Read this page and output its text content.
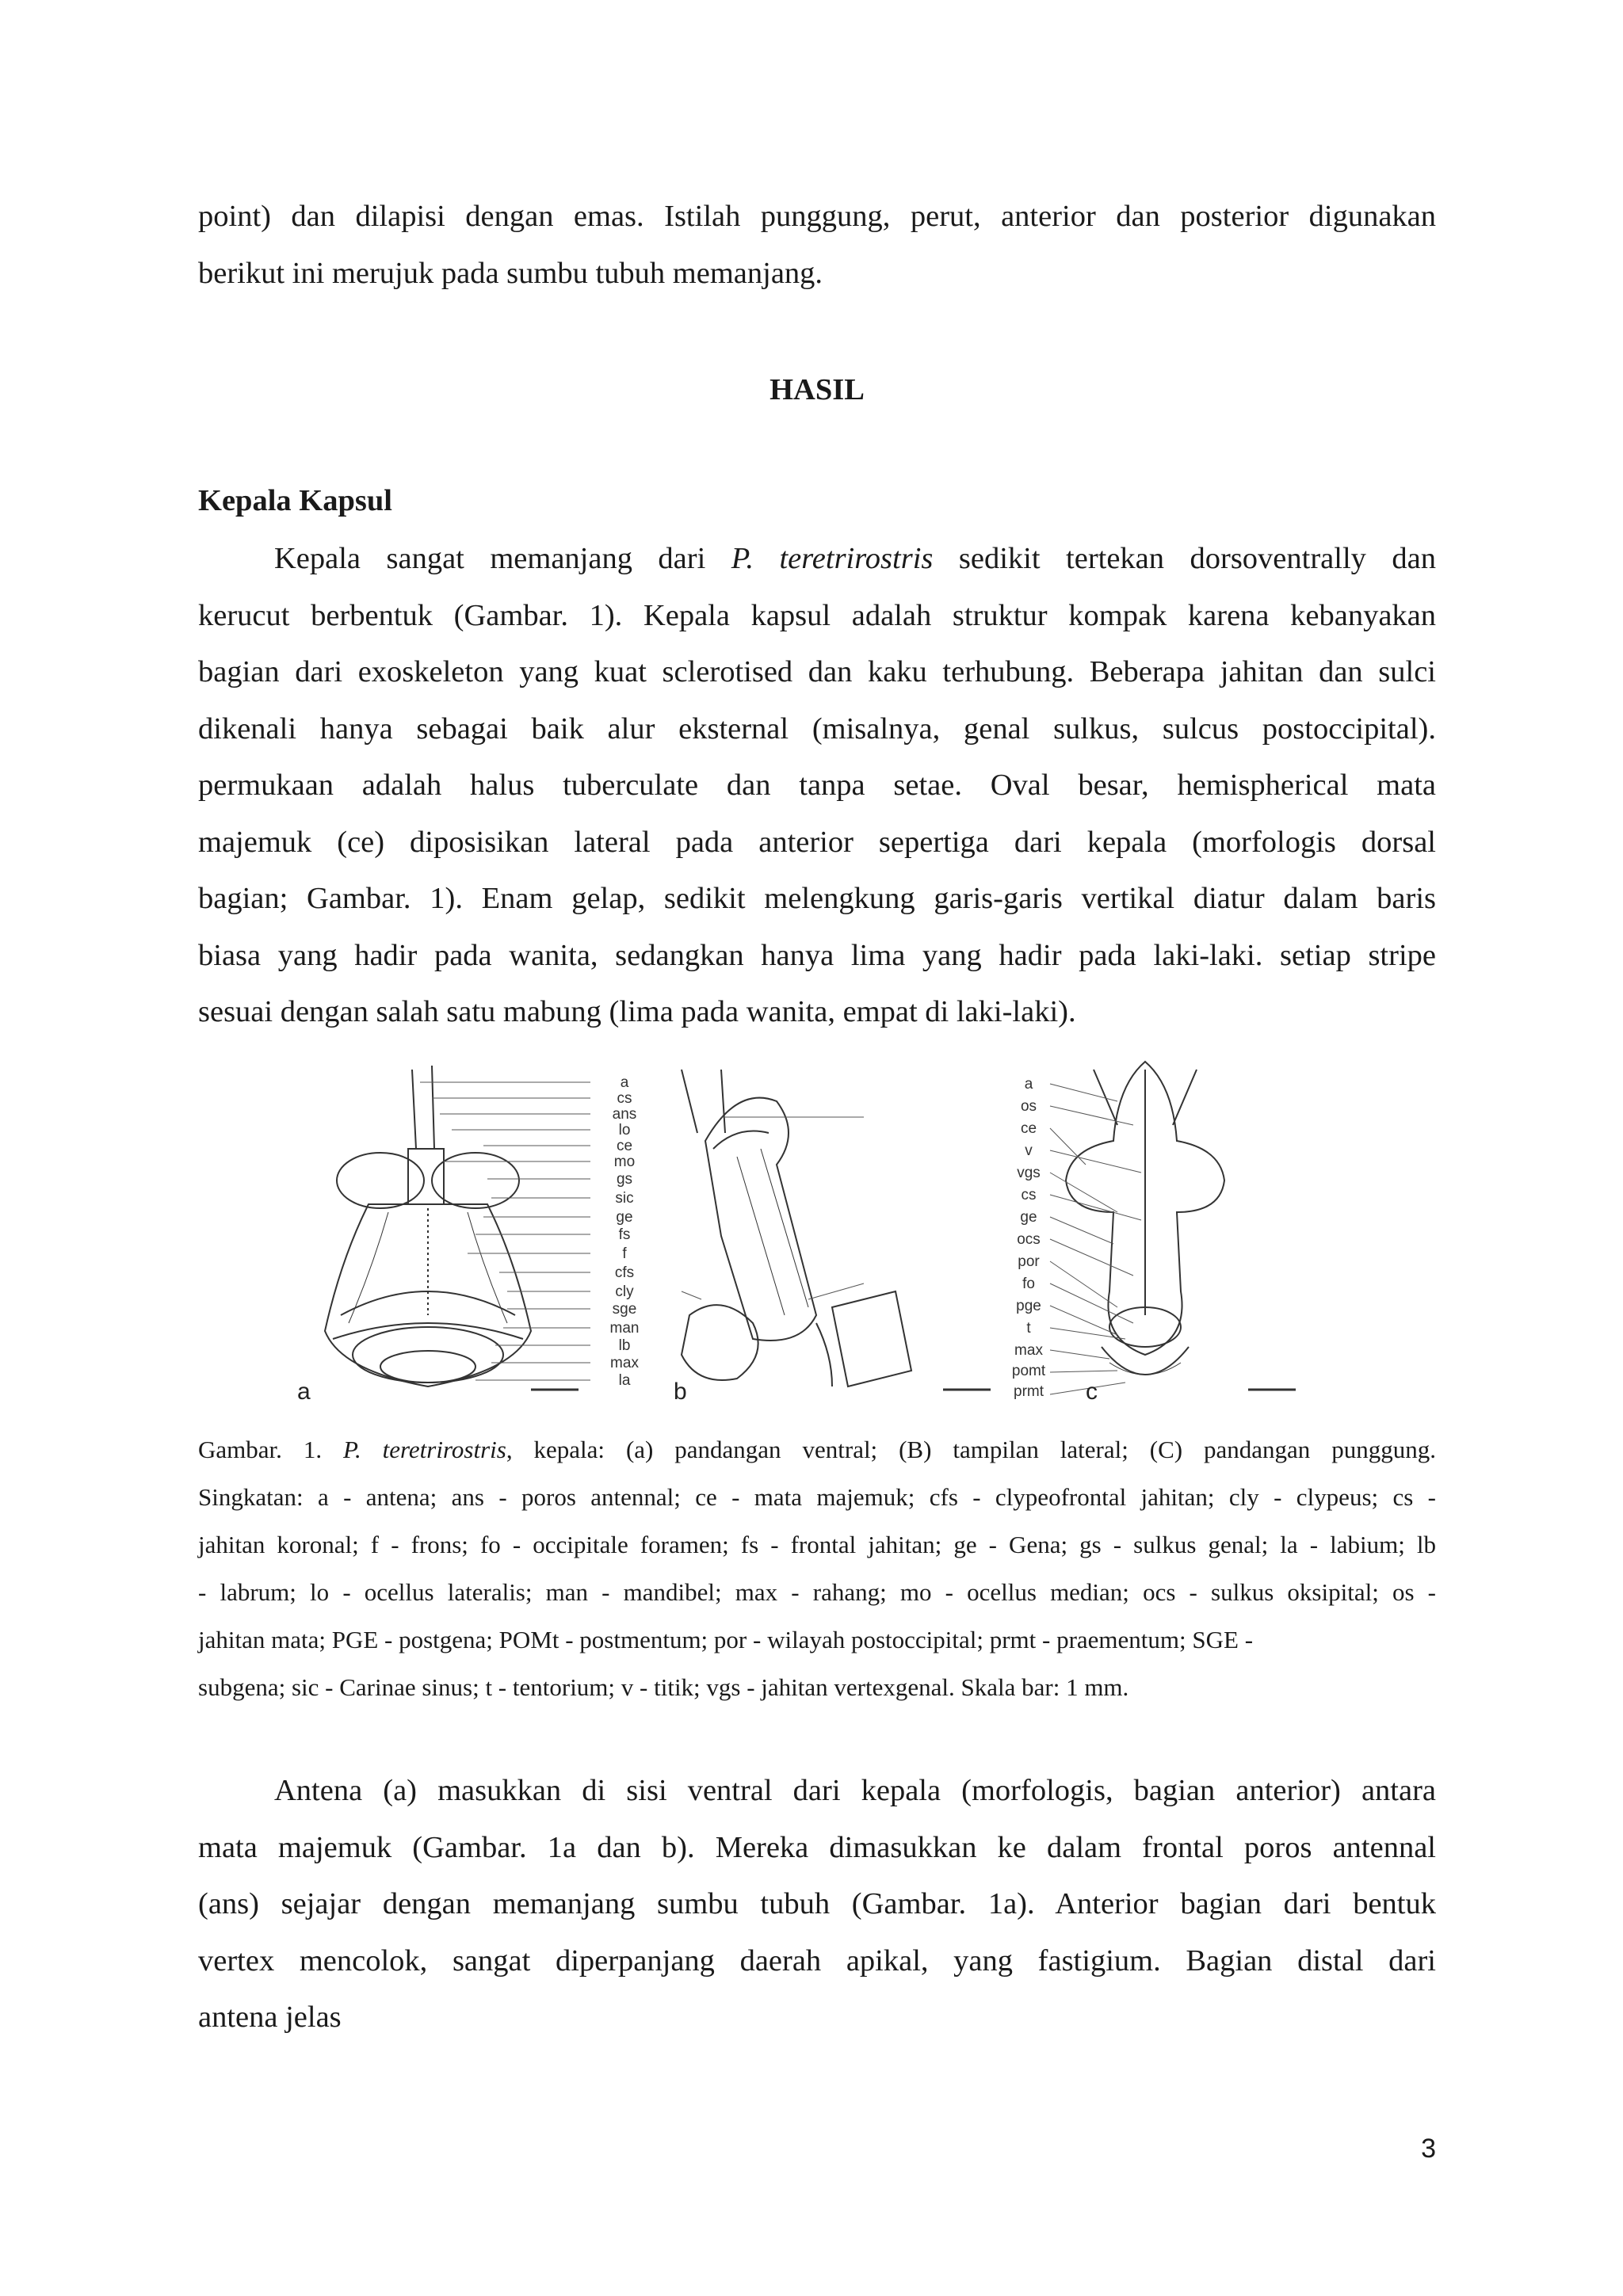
point) dan dilapisi dengan emas. Istilah punggung, perut, anterior dan posterior digunakan
berikut ini merujuk pada sumbu tubuh memanjang.
HASIL
Kepala Kapsul
Kepala sangat memanjang dari P. teretrirostris sedikit tertekan dorsoventrally dan
kerucut berbentuk (Gambar. 1). Kepala kapsul adalah struktur kompak karena kebanyakan
bagian dari exoskeleton yang kuat sclerotised dan kaku terhubung. Beberapa jahitan dan sulci
dikenali hanya sebagai baik alur eksternal (misalnya, genal sulkus, sulcus postoccipital).
permukaan adalah halus tuberculate dan tanpa setae. Oval besar, hemispherical mata
majemuk (ce) diposisikan lateral pada anterior sepertiga dari kepala (morfologis dorsal
bagian; Gambar. 1). Enam gelap, sedikit melengkung garis-garis vertikal diatur dalam baris
biasa yang hadir pada wanita, sedangkan hanya lima yang hadir pada laki-laki. setiap stripe
sesuai dengan salah satu mabung (lima pada wanita, empat di laki-laki).
a
cs
ans
lo
ce
mo
gs
sic
ge
fs
f
cfs
cly
sge
man
lb
max
la
a
os
ce
v
vgs
cs
ge
ocs
por
fo
pge
t
max
pomt
prmt
a	b	c
Gambar. 1. P. teretrirostris, kepala: (a) pandangan ventral; (B) tampilan lateral; (C) pandangan punggung.
Singkatan: a - antena; ans - poros antennal; ce - mata majemuk; cfs - clypeofrontal jahitan; cly - clypeus; cs -
jahitan koronal; f - frons; fo - occipitale foramen; fs - frontal jahitan; ge - Gena; gs - sulkus genal; la - labium; lb
- labrum; lo - ocellus lateralis; man - mandibel; max - rahang; mo - ocellus median; ocs - sulkus oksipital; os -
jahitan mata; PGE - postgena; POMt - postmentum; por - wilayah postoccipital; prmt - praementum; SGE -
subgena; sic - Carinae sinus; t - tentorium; v - titik; vgs - jahitan vertexgenal. Skala bar: 1 mm.
Antena (a) masukkan di sisi ventral dari kepala (morfologis, bagian anterior) antara
mata majemuk (Gambar. 1a dan b). Mereka dimasukkan ke dalam frontal poros antennal
(ans) sejajar dengan memanjang sumbu tubuh (Gambar. 1a). Anterior bagian dari bentuk
vertex mencolok, sangat diperpanjang daerah apikal, yang fastigium. Bagian distal dari
antena jelas
3
